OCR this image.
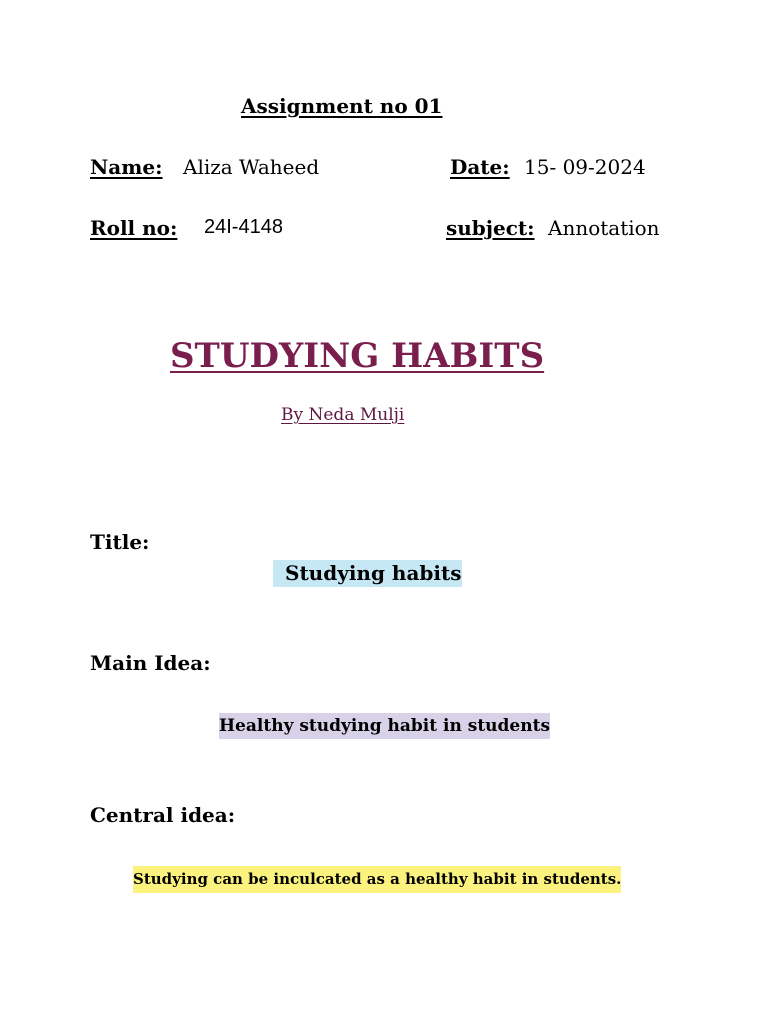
Assignment no 01
Name: Aliza Waheed	Date: 15- 09-2024
Roll no: 24I-4148	subject: Annotation
STUDYING HABITS
By Neda Mulji
Title:
Studying habits
Main Idea:
Healthy studying habit in students
Central idea:
Studying can be inculcated as a healthy habit in students.
